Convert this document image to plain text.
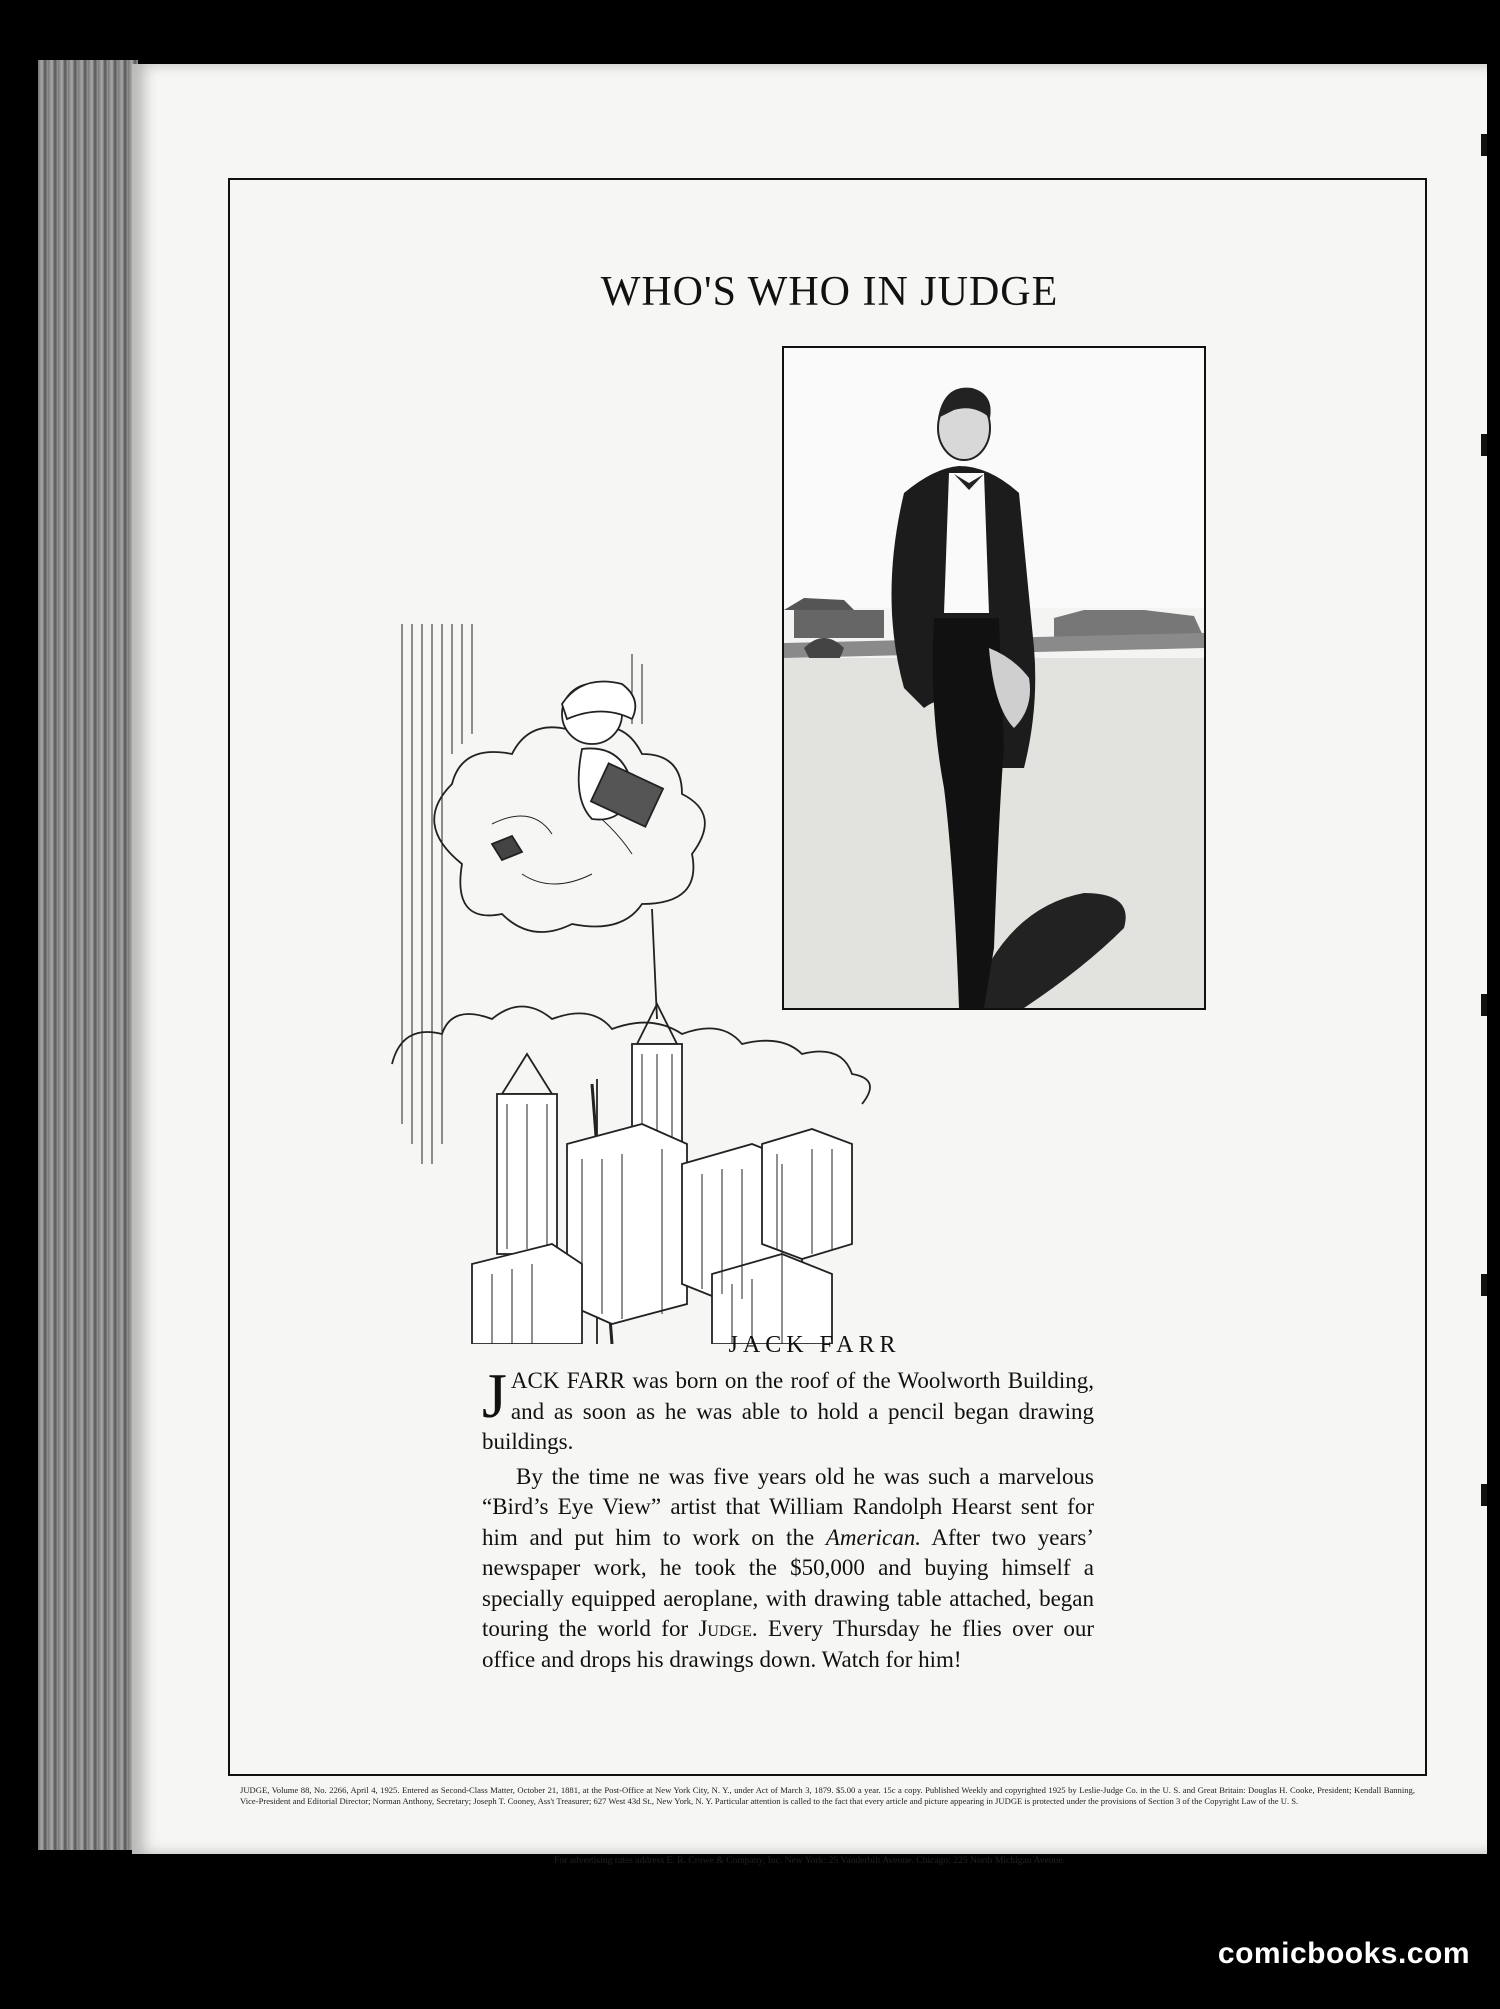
WHO'S WHO IN JUDGE
JACK FARR

JACK FARR was born on the roof of the Woolworth Building, and as soon as he was able to hold a pencil began drawing buildings.

By the time ne was five years old he was such a marvelous “Bird’s Eye View” artist that William Randolph Hearst sent for him and put him to work on the American. After two years’ newspaper work, he took the $50,000 and buying himself a specially equipped aeroplane, with drawing table attached, began touring the world for Judge. Every Thursday he flies over our office and drops his drawings down. Watch for him!

JUDGE, Volume 88, No. 2266, April 4, 1925. Entered as Second-Class Matter, October 21, 1881, at the Post-Office at New York City, N. Y., under Act of March 3, 1879. $5.00 a year. 15c a copy. Published Weekly and copyrighted 1925 by Leslie-Judge Co. in the U. S. and Great Britain: Douglas H. Cooke, President; Kendall Banning, Vice-President and Editorial Director; Norman Anthony, Secretary; Joseph T. Cooney, Ass't Treasurer; 627 West 43d St., New York, N. Y. Particular attention is called to the fact that every article and picture appearing in JUDGE is protected under the provisions of Section 3 of the Copyright Law of the U. S.
For advertising rates address E. R. Crowe & Company, Inc. New York: 25 Vanderbilt Avenue. Chicago: 225 North Michigan Avenue.
comicbooks.com
